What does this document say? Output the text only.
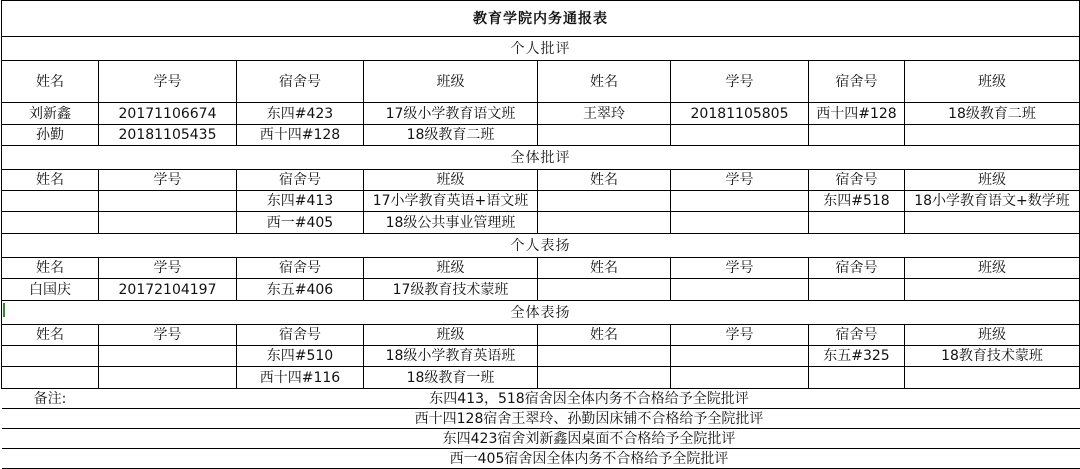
教育学院内务通报表							
个人批评							
姓名	学号	宿舍号	班级	姓名	学号	宿舍号	班级
刘新鑫	20171106674	东四#423	17级小学教育语文班	王翠玲	20181105805	西十四#128	18级教育二班
孙勤	20181105435	西十四#128	18级教育二班				
全体批评							
姓名	学号	宿舍号	班级	姓名	学号	宿舍号	班级
		东四#413	17小学教育英语+语文班			东四#518	18小学教育语文+数学班
		西一#405	18级公共事业管理班				
个人表扬							
姓名	学号	宿舍号	班级	姓名	学号	宿舍号	班级
白国庆	20172104197	东五#406	17级教育技术蒙班				
全体表扬							
姓名	学号	宿舍号	班级	姓名	学号	宿舍号	班级
		东四#510	18级小学教育英语班			东五#325	18教育技术蒙班
		西十四#116	18级教育一班				
备注:	东四413，518宿舍因全体内务不合格给予全院批评						
	西十四128宿舍王翠玲、孙勤因床铺不合格给予全院批评						
	东四423宿舍刘新鑫因桌面不合格给予全院批评						
	西一405宿舍因全体内务不合格给予全院批评						
